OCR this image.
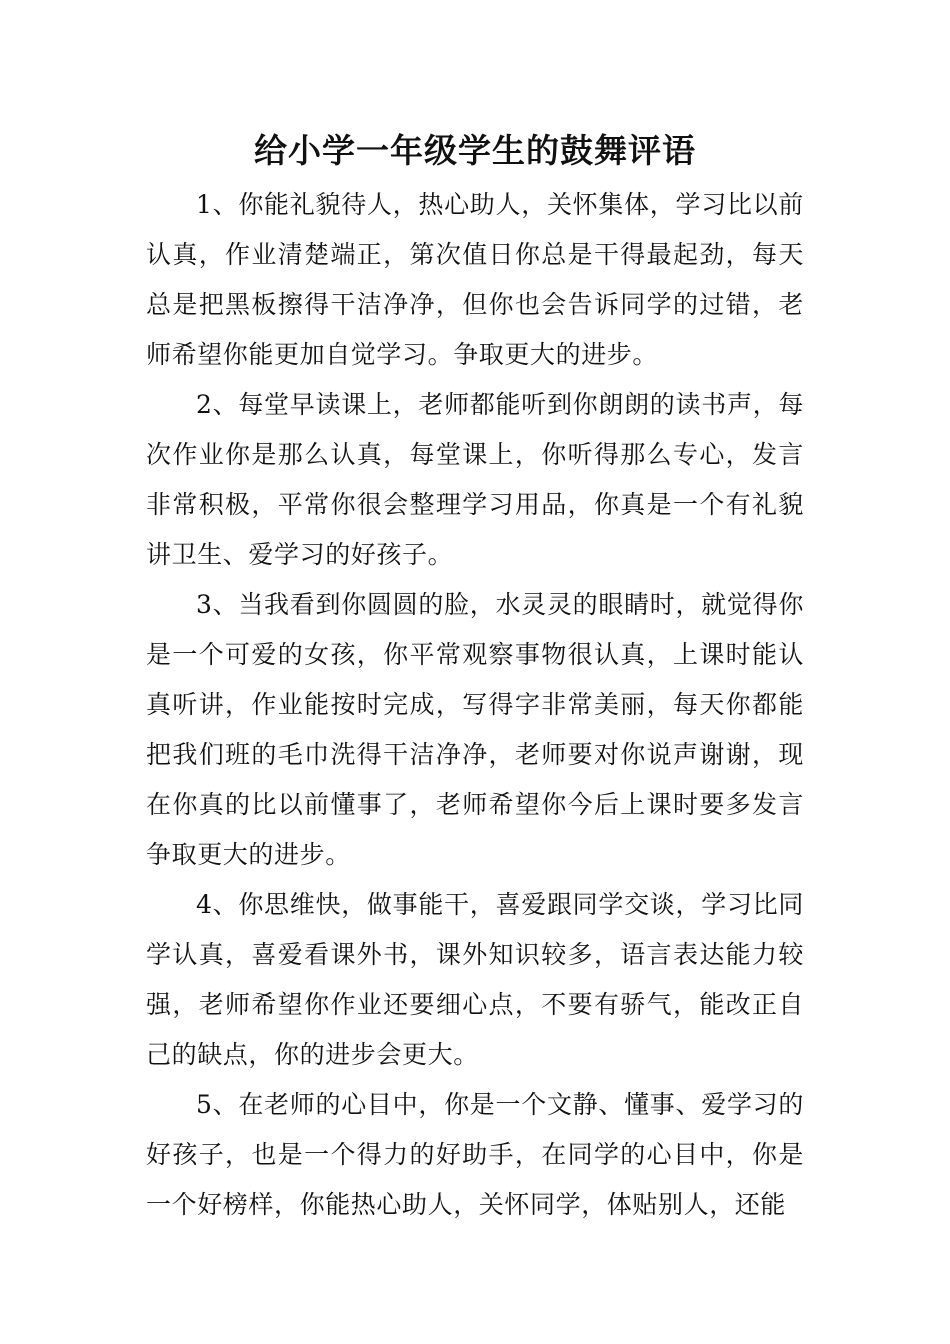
给小学一年级学生的鼓舞评语

1、你能礼貌待人，热心助人，关怀集体，学习比以前认真，作业清楚端正，第次值日你总是干得最起劲，每天总是把黑板擦得干洁净净，但你也会告诉同学的过错，老师希望你能更加自觉学习。争取更大的进步。

2、每堂早读课上，老师都能听到你朗朗的读书声，每次作业你是那么认真，每堂课上，你听得那么专心，发言非常积极，平常你很会整理学习用品，你真是一个有礼貌讲卫生、爱学习的好孩子。

3、当我看到你圆圆的脸，水灵灵的眼睛时，就觉得你是一个可爱的女孩，你平常观察事物很认真，上课时能认真听讲，作业能按时完成，写得字非常美丽，每天你都能把我们班的毛巾洗得干洁净净，老师要对你说声谢谢，现在你真的比以前懂事了，老师希望你今后上课时要多发言争取更大的进步。

4、你思维快，做事能干，喜爱跟同学交谈，学习比同学认真，喜爱看课外书，课外知识较多，语言表达能力较强，老师希望你作业还要细心点，不要有骄气，能改正自己的缺点，你的进步会更大。

5、在老师的心目中，你是一个文静、懂事、爱学习的好孩子，也是一个得力的好助手，在同学的心目中，你是一个好榜样，你能热心助人，关怀同学，体贴别人，还能
